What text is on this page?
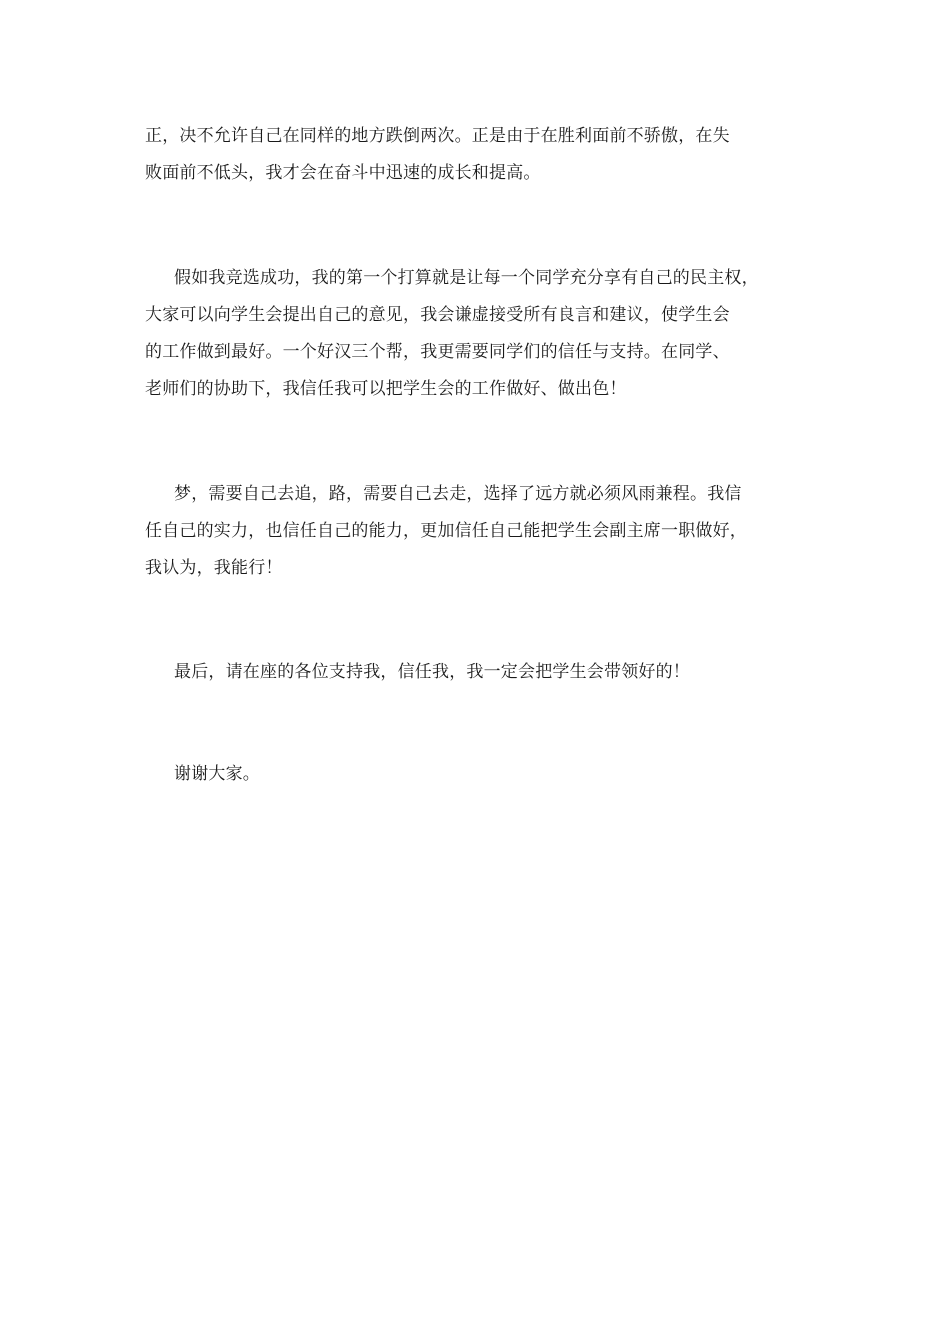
正，决不允许自己在同样的地方跌倒两次。正是由于在胜利面前不骄傲，在失
败面前不低头，我才会在奋斗中迅速的成长和提高。

假如我竞选成功，我的第一个打算就是让每一个同学充分享有自己的民主权，
大家可以向学生会提出自己的意见，我会谦虚接受所有良言和建议，使学生会
的工作做到最好。一个好汉三个帮，我更需要同学们的信任与支持。在同学、
老师们的协助下，我信任我可以把学生会的工作做好、做出色！

梦，需要自己去追，路，需要自己去走，选择了远方就必须风雨兼程。我信
任自己的实力，也信任自己的能力，更加信任自己能把学生会副主席一职做好，
我认为，我能行！

最后，请在座的各位支持我，信任我，我一定会把学生会带领好的！

谢谢大家。
